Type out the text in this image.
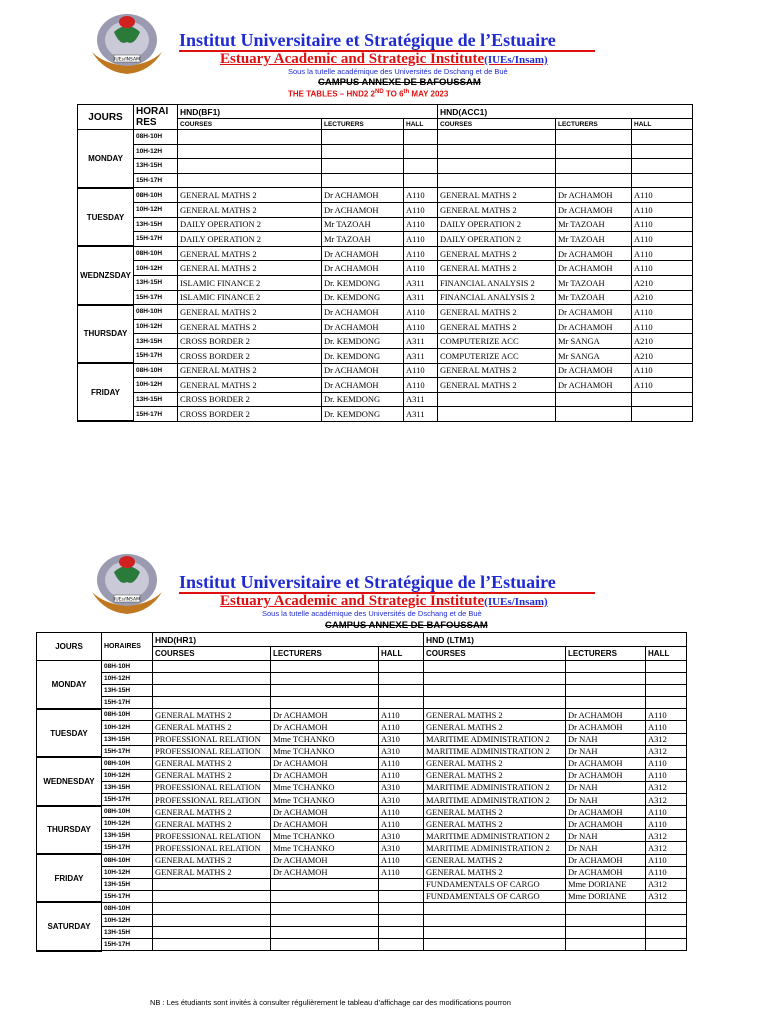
IUEs/INSAM
Institut Universitaire et Stratégique de l’Estuaire
Estuary Academic and Strategic Institute(IUEs/Insam)
Sous la tutelle académique des Universités de Dschang et de Buè
CAMPUS ANNEXE DE BAFOUSSAM
THE TABLES – HND2 2ND TO 6th MAY 2023
JOURS	HORAI RES	HND(BF1)			HND(ACC1)		
		COURSES	LECTURERS	HALL	COURSES	LECTURERS	HALL
MONDAY	08H-10H						
	10H-12H						
	13H-15H						
	15H-17H						
TUESDAY	08H-10H	GENERAL MATHS 2	Dr ACHAMOH	A110	GENERAL MATHS 2	Dr ACHAMOH	A110
	10H-12H	GENERAL MATHS 2	Dr ACHAMOH	A110	GENERAL MATHS 2	Dr ACHAMOH	A110
	13H-15H	DAILY OPERATION 2	Mr TAZOAH	A110	DAILY OPERATION 2	Mr TAZOAH	A110
	15H-17H	DAILY OPERATION 2	Mr TAZOAH	A110	DAILY OPERATION 2	Mr TAZOAH	A110
WEDNZSDAY	08H-10H	GENERAL MATHS 2	Dr ACHAMOH	A110	GENERAL MATHS 2	Dr ACHAMOH	A110
	10H-12H	GENERAL MATHS 2	Dr ACHAMOH	A110	GENERAL MATHS 2	Dr ACHAMOH	A110
	13H-15H	ISLAMIC FINANCE 2	Dr. KEMDONG	A311	FINANCIAL ANALYSIS 2	Mr TAZOAH	A210
	15H-17H	ISLAMIC FINANCE 2	Dr. KEMDONG	A311	FINANCIAL ANALYSIS 2	Mr TAZOAH	A210
THURSDAY	08H-10H	GENERAL MATHS 2	Dr ACHAMOH	A110	GENERAL MATHS 2	Dr ACHAMOH	A110
	10H-12H	GENERAL MATHS 2	Dr ACHAMOH	A110	GENERAL MATHS 2	Dr ACHAMOH	A110
	13H-15H	CROSS BORDER 2	Dr. KEMDONG	A311	COMPUTERIZE ACC	Mr SANGA	A210
	15H-17H	CROSS BORDER 2	Dr. KEMDONG	A311	COMPUTERIZE ACC	Mr SANGA	A210
FRIDAY	08H-10H	GENERAL MATHS 2	Dr ACHAMOH	A110	GENERAL MATHS 2	Dr ACHAMOH	A110
	10H-12H	GENERAL MATHS 2	Dr ACHAMOH	A110	GENERAL MATHS 2	Dr ACHAMOH	A110
	13H-15H	CROSS BORDER 2	Dr. KEMDONG	A311			
	15H-17H	CROSS BORDER 2	Dr. KEMDONG	A311			
IUEs/INSAM
Institut Universitaire et Stratégique de l’Estuaire
Estuary Academic and Strategic Institute(IUEs/Insam)
Sous la tutelle académique des Universités de Dschang et de Buè
CAMPUS ANNEXE DE BAFOUSSAM
JOURS	HORAIRES	HND(HR1)			HND (LTM1)		
		COURSES	LECTURERS	HALL	COURSES	LECTURERS	HALL
MONDAY	08H-10H						
	10H-12H						
	13H-15H						
	15H-17H						
TUESDAY	08H-10H	GENERAL MATHS 2	Dr ACHAMOH	A110	GENERAL MATHS 2	Dr ACHAMOH	A110
	10H-12H	GENERAL MATHS 2	Dr ACHAMOH	A110	GENERAL MATHS 2	Dr ACHAMOH	A110
	13H-15H	PROFESSIONAL RELATION	Mme TCHANKO	A310	MARITIME ADMINISTRATION 2	Dr NAH	A312
	15H-17H	PROFESSIONAL RELATION	Mme TCHANKO	A310	MARITIME ADMINISTRATION 2	Dr NAH	A312
WEDNESDAY	08H-10H	GENERAL MATHS 2	Dr ACHAMOH	A110	GENERAL MATHS 2	Dr ACHAMOH	A110
	10H-12H	GENERAL MATHS 2	Dr ACHAMOH	A110	GENERAL MATHS 2	Dr ACHAMOH	A110
	13H-15H	PROFESSIONAL RELATION	Mme TCHANKO	A310	MARITIME ADMINISTRATION 2	Dr NAH	A312
	15H-17H	PROFESSIONAL RELATION	Mme TCHANKO	A310	MARITIME ADMINISTRATION 2	Dr NAH	A312
THURSDAY	08H-10H	GENERAL MATHS 2	Dr ACHAMOH	A110	GENERAL MATHS 2	Dr ACHAMOH	A110
	10H-12H	GENERAL MATHS 2	Dr ACHAMOH	A110	GENERAL MATHS 2	Dr ACHAMOH	A110
	13H-15H	PROFESSIONAL RELATION	Mme TCHANKO	A310	MARITIME ADMINISTRATION 2	Dr NAH	A312
	15H-17H	PROFESSIONAL RELATION	Mme TCHANKO	A310	MARITIME ADMINISTRATION 2	Dr NAH	A312
FRIDAY	08H-10H	GENERAL MATHS 2	Dr ACHAMOH	A110	GENERAL MATHS 2	Dr ACHAMOH	A110
	10H-12H	GENERAL MATHS 2	Dr ACHAMOH	A110	GENERAL MATHS 2	Dr ACHAMOH	A110
	13H-15H				FUNDAMENTALS OF CARGO	Mme DORIANE	A312
	15H-17H				FUNDAMENTALS OF CARGO	Mme DORIANE	A312
SATURDAY	08H-10H						
	10H-12H						
	13H-15H						
	15H-17H						
NB : Les étudiants sont invités à consulter régulièrement le tableau d’affichage car des modifications pourron
